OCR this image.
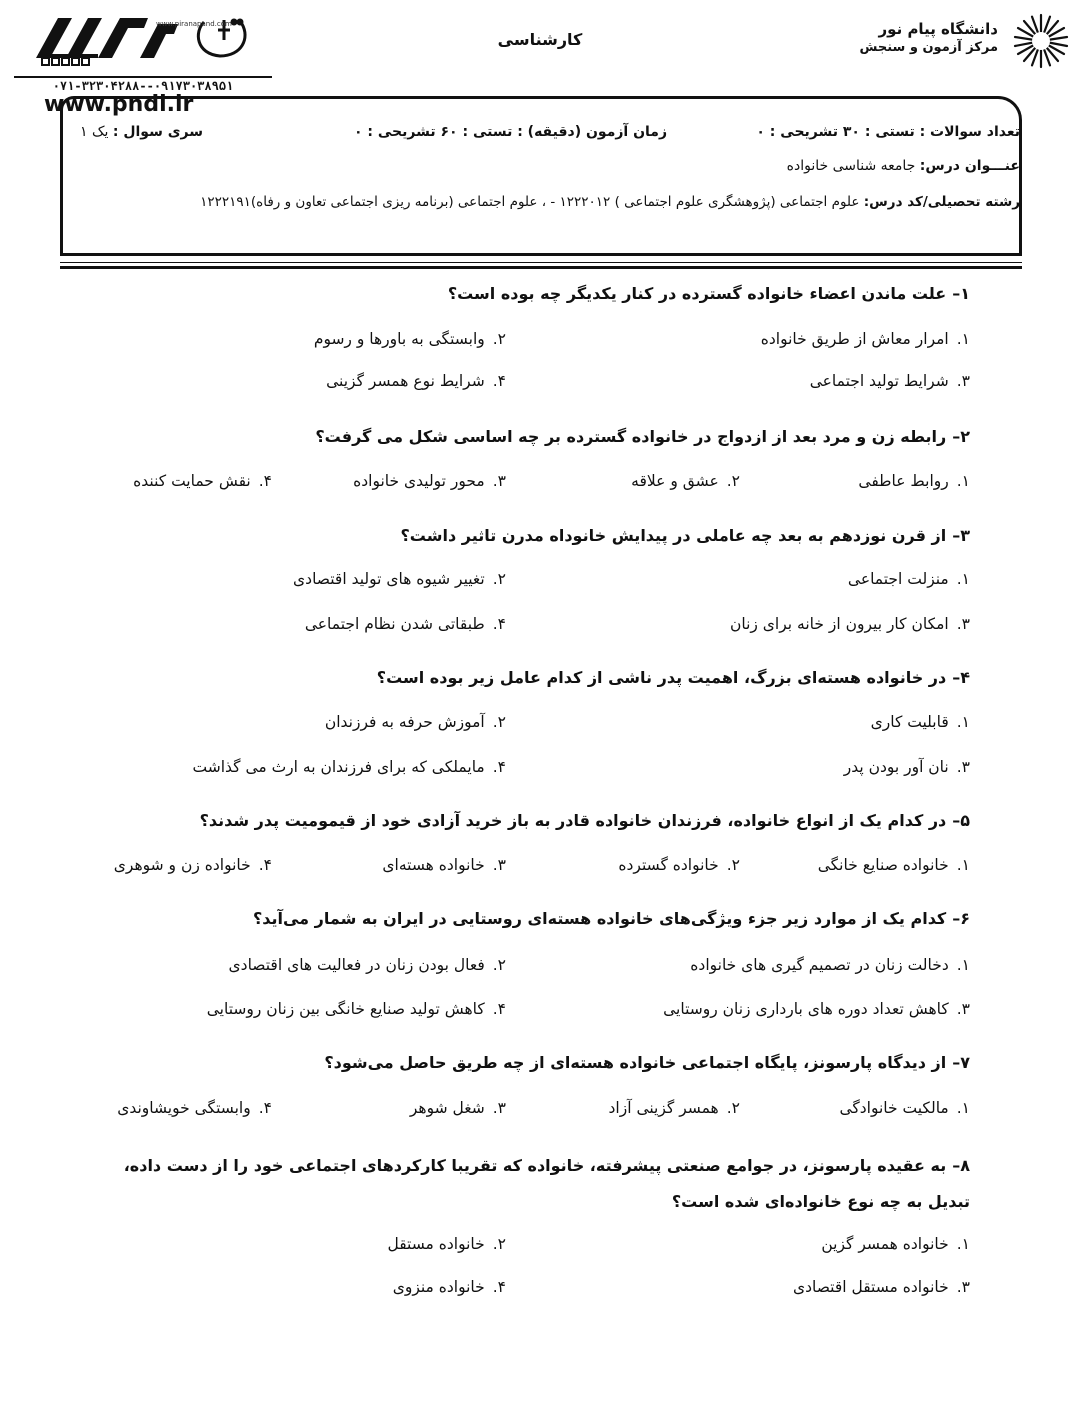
دانشگاه پیام نور
مرکز آزمون و سنجش
کارشناسی
www.piranapand.com
۰۷۱-۳۲۳۰۴۲۸۸--۰۹۱۷۳۰۳۸۹۵۱
www.pndl.ir
تعداد سوالات : تستی : ۳۰ تشریحی : ۰
زمان آزمون (دقیقه) : تستی : ۶۰ تشریحی : ۰
سری سوال : یک ۱
عنـــوان درس: جامعه شناسی خانواده
رشته تحصیلی/کد درس: علوم اجتماعی (پژوهشگری علوم اجتماعی ) ۱۲۲۲۰۱۲ - ، علوم اجتماعی (برنامه ریزی اجتماعی تعاون و رفاه)۱۲۲۲۱۹۱
۱–علت ماندن اعضاء خانواده گسترده در کنار یکدیگر چه بوده است؟
۱.امرار معاش از طریق خانواده
۲.وابستگی به باورها و رسوم
۳.شرایط تولید اجتماعی
۴.شرایط نوع همسر گزینی
۲–رابطه زن و مرد بعد از ازدواج در خانواده گسترده بر چه اساسی شکل می گرفت؟
۱.روابط عاطفی
۲.عشق و علاقه
۳.محور تولیدی خانواده
۴.نقش حمایت کننده
۳–از قرن نوزدهم به بعد چه عاملی در پیدایش خانوداه مدرن تاثیر داشت؟
۱.منزلت اجتماعی
۲.تغییر شیوه های تولید اقتصادی
۳.امکان کار بیرون از خانه برای زنان
۴.طبقاتی شدن نظام اجتماعی
۴–در خانواده هسته‌ای بزرگ، اهمیت پدر ناشی از کدام عامل زیر بوده است؟
۱.قابلیت کاری
۲.آموزش حرفه به فرزندان
۳.نان آور بودن پدر
۴.مایملکی که برای فرزندان به ارث می گذاشت
۵–در کدام یک از انواع خانواده، فرزندان خانواده قادر به باز خرید آزادی خود از قیمومیت پدر شدند؟
۱.خانواده صنایع خانگی
۲.خانواده گسترده
۳.خانواده هسته‌ای
۴.خانواده زن و شوهری
۶–کدام یک از موارد زیر جزء ویژگی‌های خانواده هسته‌ای روستایی در ایران به شمار می‌آید؟
۱.دخالت زنان در تصمیم گیری های خانواده
۲.فعال بودن زنان در فعالیت های اقتصادی
۳.کاهش تعداد دوره های بارداری زنان روستایی
۴.کاهش تولید صنایع خانگی بین زنان روستایی
۷–از دیدگاه پارسونز، پایگاه اجتماعی خانواده هسته‌ای از چه طریق حاصل می‌شود؟
۱.مالکیت خانوادگی
۲.همسر گزینی آزاد
۳.شغل شوهر
۴.وابستگی خویشاوندی
۸–به عقیده پارسونز، در جوامع صنعتی پیشرفته، خانواده که تقریبا کارکردهای اجتماعی خود را از دست داده، تبدیل به چه نوع خانواده‌ای شده است؟
۱.خانواده همسر گزین
۲.خانواده مستقل
۳.خانواده مستقل اقتصادی
۴.خانواده منزوی
